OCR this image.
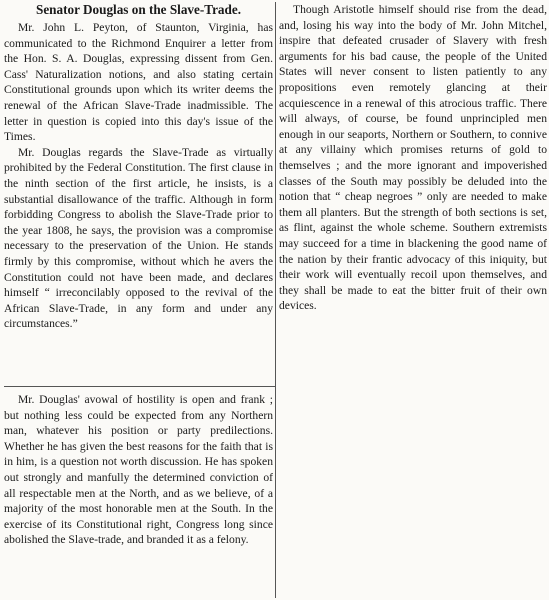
Senator Douglas on the Slave-Trade.

Mr. John L. Peyton, of Staunton, Virginia, has communicated to the Richmond Enquirer a letter from the Hon. S. A. Douglas, expressing dissent from Gen. Cass' Naturalization notions, and also stating certain Constitutional grounds upon which its writer deems the renewal of the African Slave-Trade inadmissible. The letter in question is copied into this day's issue of the Times.

Mr. Douglas regards the Slave-Trade as virtually prohibited by the Federal Constitution. The first clause in the ninth section of the first article, he insists, is a substantial disallowance of the traffic. Although in form forbidding Congress to abolish the Slave-Trade prior to the year 1808, he says, the provision was a compromise necessary to the preservation of the Union. He stands firmly by this compromise, without which he avers the Constitution could not have been made, and declares himself “ irreconcilably opposed to the revival of the African Slave-Trade, in any form and under any circumstances.”

Mr. Douglas' avowal of hostility is open and frank ; but nothing less could be expected from any Northern man, whatever his position or party predilections. Whether he has given the best reasons for the faith that is in him, is a question not worth discussion. He has spoken out strongly and manfully the determined conviction of all respectable men at the North, and as we believe, of a majority of the most honorable men at the South. In the exercise of its Constitutional right, Congress long since abolished the Slave-trade, and branded it as a felony.

Though Aristotle himself should rise from the dead, and, losing his way into the body of Mr. John Mitchel, inspire that defeated crusader of Slavery with fresh arguments for his bad cause, the people of the United States will never consent to listen patiently to any propositions even remotely glancing at their acquiescence in a renewal of this atrocious traffic. There will always, of course, be found unprincipled men enough in our seaports, Northern or Southern, to connive at any villainy which promises returns of gold to themselves ; and the more ignorant and impoverished classes of the South may possibly be deluded into the notion that “ cheap negroes ” only are needed to make them all planters. But the strength of both sections is set, as flint, against the whole scheme. Southern extremists may succeed for a time in blackening the good name of the nation by their frantic advocacy of this iniquity, but their work will eventually recoil upon themselves, and they shall be made to eat the bitter fruit of their own devices.
